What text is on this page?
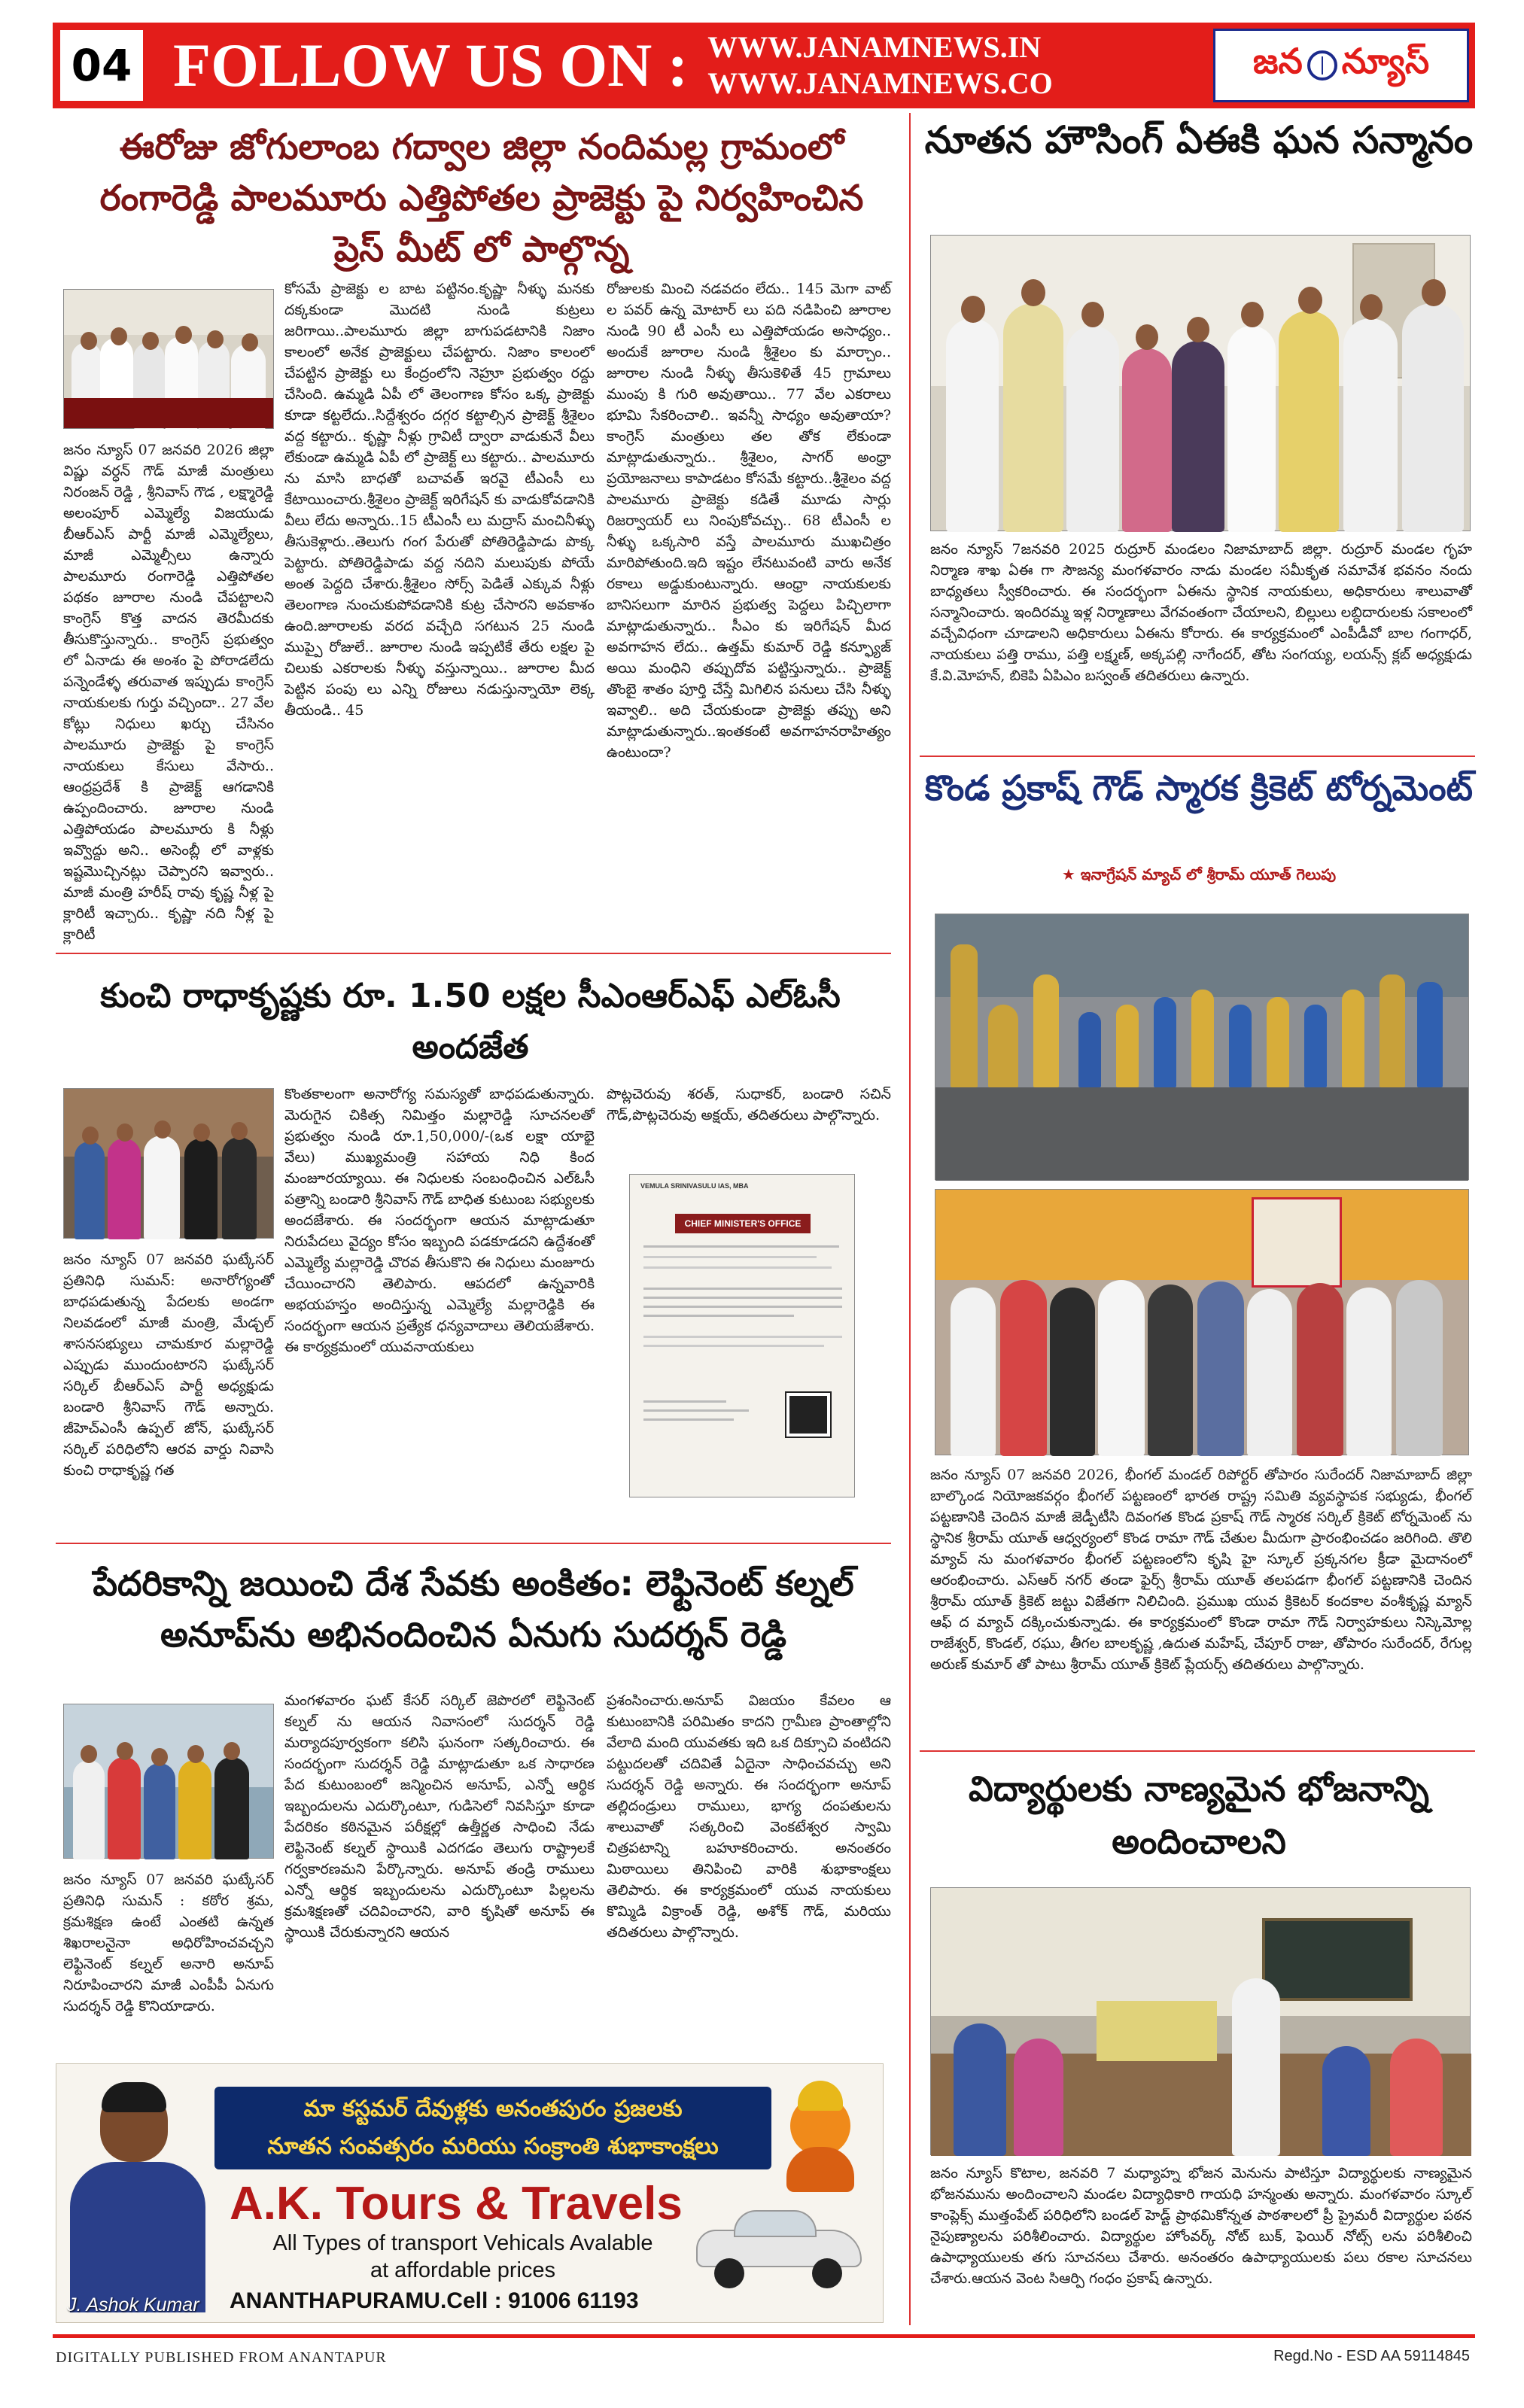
04 FOLLOW US ON : WWW.JANAMNEWS.IN
WWW.JANAMNEWS.CO
జన న్యూస్
ఈరోజు జోగులాంబ గద్వాల జిల్లా నందిమల్ల గ్రామంలో రంగారెడ్డి పాలమూరు ఎత్తిపోతల ప్రాజెక్టు పై నిర్వహించిన ప్రెస్ మీట్ లో పాల్గొన్న
జనం న్యూస్ 07 జనవరి 2026 జిల్లా విష్ణు వర్ధన్ గౌడ్ మాజీ మంత్రులు నిరంజన్ రెడ్డి , శ్రీనివాస్ గౌడ , లక్ష్మారెడ్డి అలంపూర్ ఎమ్మెల్యే విజయుడు బీఆర్ఎస్ పార్టీ మాజీ ఎమ్మెల్యేలు, మాజీ ఎమ్మెల్సీలు ఉన్నారు పాలమూరు రంగారెడ్డి ఎత్తిపోతల పథకం జూరాల నుండి చేపట్టాలని కాంగ్రెస్ కొత్త వాదన తెరమీదకు తీసుకొస్తున్నారు.. కాంగ్రెస్ ప్రభుత్వం లో ఏనాడు ఈ అంశం పై పోరాడలేదు పన్నెండేళ్ళ తరువాత ఇప్పుడు కాంగ్రెస్ నాయకులకు గుర్తు వచ్చిందా.. 27 వేల కోట్లు నిధులు ఖర్చు చేసినం పాలమూరు ప్రాజెక్టు పై కాంగ్రెస్ నాయకులు కేసులు వేసారు.. ఆంధ్రప్రదేశ్ కి ప్రాజెక్ట్ ఆగడానికి ఉప్పందించారు. జూరాల నుండి ఎత్తిపోయడం పాలమూరు కి నీళ్లు ఇవ్వొద్దు అని.. అసెంబ్లీ లో వాళ్లకు ఇష్టమొచ్చినట్లు చెప్పారని ఇవ్వారు.. మాజీ మంత్రి హరీష్ రావు కృష్ణ నీళ్ల పై క్లారిటీ ఇచ్చారు.. కృష్ణా నది నీళ్ల పై క్లారిటీ
కోసమే ప్రాజెక్టు ల బాట పట్టినం.కృష్ణా నీళ్ళు మనకు దక్కకుండా మొదటి నుండి కుట్రలు జరిగాయి..పాలమూరు జిల్లా బాగుపడటానికి నిజాం కాలంలో అనేక ప్రాజెక్టులు చేపట్టారు. నిజాం కాలంలో చేపట్టిన ప్రాజెక్టు లు కేంద్రంలోని నెహ్రూ ప్రభుత్వం రద్దు చేసింది. ఉమ్మడి ఏపీ లో తెలంగాణ కోసం ఒక్క ప్రాజెక్టు కూడా కట్టలేదు..సిద్దేశ్వరం దగ్గర కట్టాల్సిన ప్రాజెక్ట్ శ్రీశైలం వద్ద కట్టారు.. కృష్ణా నీళ్లు గ్రావిటీ ద్వారా వాడుకునే వీలు లేకుండా ఉమ్మడి ఏపీ లో ప్రాజెక్ట్ లు కట్టారు.. పాలమూరు ను మాసి బాధతో బచావత్ ఇరవై టీఎంసీ లు కేటాయించారు.శ్రీశైలం ప్రాజెక్ట్ ఇరిగేషన్ కు వాడుకోవడానికి వీలు లేదు అన్నారు..15 టీఎంసీ లు మద్రాస్ మంచినీళ్ళు తీసుకెళ్లారు..తెలుగు గంగ పేరుతో పోతిరెడ్డిపాడు పొక్క పెట్టారు. పోతిరెడ్డిపాడు వద్ద నదిని మలుపుకు పోయే అంత పెద్దది చేశారు.శ్రీశైలం సోర్స్ పెడితే ఎక్కువ నీళ్లు తెలంగాణ నుంచుకుపోవడానికి కుట్ర చేసారని అవకాశం ఉంది.జూరాలకు వరద వచ్చేది సగటున 25 నుండి ముప్పై రోజులే.. జూరాల నుండి ఇప్పటికే తేరు లక్షల పై చిలుకు ఎకరాలకు నీళ్ళు వస్తున్నాయి.. జూరాల మీద పెట్టిన పంపు లు ఎన్ని రోజులు నడుస్తున్నాయో లెక్క తీయండి.. 45
రోజులకు మించి నడవదం లేదు.. 145 మెగా వాట్ ల పవర్ ఉన్న మోటార్ లు పది నడిపించి జూరాల నుండి 90 టీ ఎంసీ లు ఎత్తిపోయడం అసాధ్యం.. అందుకే జూరాల నుండి శ్రీశైలం కు మార్చాం.. జూరాల నుండి నీళ్ళు తీసుకెళితే 45 గ్రామాలు ముంపు కి గురి అవుతాయి.. 77 వేల ఎకరాలు భూమి సేకరించాలి.. ఇవన్నీ సాధ్యం అవుతాయా?కాంగ్రెస్ మంత్రులు తల తోక లేకుండా మాట్లాడుతున్నారు.. శ్రీశైలం, సాగర్ అంధ్రా ప్రయోజనాలు కాపాడటం కోసమే కట్టారు..శ్రీశైలం వద్ద పాలమూరు ప్రాజెక్టు కడితే మూడు సార్లు రిజర్వాయర్ లు నింపుకోవచ్చు.. 68 టీఎంసీ ల నీళ్ళు ఒక్కసారి వస్తే పాలమూరు ముఖచిత్రం మారిపోతుంది.ఇది ఇష్టం లేనటువంటి వారు అనేక రకాలు అడ్డుకుంటున్నారు. ఆంధ్రా నాయకులకు బానిసలుగా మారిన ప్రభుత్వ పెద్దలు పిచ్చిలాగా మాట్లాడుతున్నారు.. సీఎం కు ఇరిగేషన్ మీద అవగాహన లేదు.. ఉత్తమ్ కుమార్ రెడ్డి కన్ఫ్యూజ్ అయి మంధిని తప్పుదోవ పట్టిస్తున్నారు.. ప్రాజెక్ట్ తొంబై శాతం పూర్తి చేస్తే మిగిలిన పనులు చేసి నీళ్ళు ఇవ్వాలి.. అది చేయకుండా ప్రాజెక్టు తప్పు అని మాట్లాడుతున్నారు..ఇంతకంటే అవగాహనరాహిత్యం ఉంటుందా?
కుంచి రాధాకృష్ణకు రూ. 1.50 లక్షల సీఎంఆర్ఎఫ్ ఎల్ఓసీ అందజేత
జనం న్యూస్ 07 జనవరి ఘట్కేసర్ ప్రతినిధి సుమన్: అనారోగ్యంతో బాధపడుతున్న పేదలకు అండగా నిలవడంలో మాజీ మంత్రి, మేడ్చల్ శాసనసభ్యులు చామకూర మల్లారెడ్డి ఎప్పుడు ముందుంటారని ఘట్కేసర్ సర్కిల్ బీఆర్ఎస్ పార్టీ అధ్యక్షుడు బండారి శ్రీనివాస్ గౌడ్ అన్నారు. జీహెచ్ఎంసీ ఉప్పల్ జోన్, ఘట్కేసర్ సర్కిల్ పరిధిలోని ఆరవ వార్డు నివాసి కుంచి రాధాకృష్ణ గత
కొంతకాలంగా అనారోగ్య సమస్యతో బాధపడుతున్నారు. మెరుగైన చికిత్స నిమిత్తం మల్లారెడ్డి సూచనలతో ప్రభుత్వం నుండి రూ.1,50,000/-(ఒక లక్షా యాభై వేలు) ముఖ్యమంత్రి సహాయ నిధి కింద మంజూరయ్యాయి. ఈ నిధులకు సంబంధించిన ఎల్ఓసీ పత్రాన్ని బండారి శ్రీనివాస్ గౌడ్ బాధిత కుటుంబ సభ్యులకు అందజేశారు. ఈ సందర్భంగా ఆయన మాట్లాడుతూ నిరుపేదలు వైద్యం కోసం ఇబ్బంది పడకూడదని ఉద్దేశంతో ఎమ్మెల్యే మల్లారెడ్డి చొరవ తీసుకొని ఈ నిధులు మంజూరు చేయించారని తెలిపారు. ఆపదలో ఉన్నవారికి అభయహస్తం అందిస్తున్న ఎమ్మెల్యే మల్లారెడ్డికి ఈ సందర్భంగా ఆయన ప్రత్యేక ధన్యవాదాలు తెలియజేశారు. ఈ కార్యక్రమంలో యువనాయకులు
పొట్లచెరువు శరత్, సుధాకర్, బండారి సచిన్ గౌడ్,పొట్లచెరువు అక్షయ్, తదితరులు పాల్గొన్నారు.
VEMULA SRINIVASULU IAS, MBA
CHIEF MINISTER'S OFFICE
పేదరికాన్ని జయించి దేశ సేవకు అంకితం: లెఫ్టినెంట్ కల్నల్ అనూప్‌ను అభినందించిన ఏనుగు సుదర్శన్ రెడ్డి
జనం న్యూస్ 07 జనవరి ఘట్కేసర్ ప్రతినిధి సుమన్ : కఠోర శ్రమ, క్రమశిక్షణ ఉంటే ఎంతటి ఉన్నత శిఖరాలనైనా అధిరోహించవచ్చని లెఫ్టినెంట్ కల్నల్ అనారి అనూప్ నిరూపించారని మాజీ ఎంపీపీ ఏనుగు సుదర్శన్ రెడ్డి కొనియాడారు.
మంగళవారం ఘట్ కేసర్ సర్కిల్ జెపొరలో లెఫ్టినెంట్ కల్నల్ ను ఆయన నివాసంలో సుదర్శన్ రెడ్డి మర్యాదపూర్వకంగా కలిసి ఘనంగా సత్కరించారు. ఈ సందర్భంగా సుదర్శన్ రెడ్డి మాట్లాడుతూ ఒక సాధారణ పేద కుటుంబంలో జన్మించిన అనూప్, ఎన్నో ఆర్థిక ఇబ్బందులను ఎదుర్కొంటూ, గుడిసెలో నివసిస్తూ కూడా పేదరికం కఠినమైన పరీక్షల్లో ఉత్తీర్ణత సాధించి నేడు లెఫ్టినెంట్ కల్నల్ స్థాయికి ఎదగడం తెలుగు రాష్ట్రాలకే గర్వకారణమని పేర్కొన్నారు. అనూప్ తండ్రి రాములు ఎన్నో ఆర్థిక ఇబ్బందులను ఎదుర్కొంటూ పిల్లలను క్రమశిక్షణతో చదివించారని, వారి కృషితో అనూప్ ఈ స్థాయికి చేరుకున్నారని ఆయన
ప్రశంసించారు.అనూప్ విజయం కేవలం ఆ కుటుంబానికి పరిమితం కాదని గ్రామీణ ప్రాంతాల్లోని వేలాది మంది యువతకు ఇది ఒక దిక్సూచి వంటిదని పట్టుదలతో చదివితే ఏదైనా సాధించవచ్చు అని సుదర్శన్ రెడ్డి అన్నారు. ఈ సందర్భంగా అనూప్ తల్లిదండ్రులు రాములు, భాగ్య దంపతులను శాలువాతో సత్కరించి వెంకటేశ్వర స్వామి చిత్రపటాన్ని బహూకరించారు. అనంతరం మిఠాయిలు తినిపించి వారికి శుభాకాంక్షలు తెలిపారు. ఈ కార్యక్రమంలో యువ నాయకులు కొమ్మిడి విక్రాంత్ రెడ్డి, అశోక్ గౌడ్, మరియు తదితరులు పాల్గొన్నారు.
J. Ashok Kumar
మా కస్టమర్ దేవుళ్లకు అనంతపురం ప్రజలకు
నూతన సంవత్సరం మరియు సంక్రాంతి శుభాకాంక్షలు
A.K. Tours & Travels
All Types of transport Vehicals Avalable
at affordable prices
ANANTHAPURAMU.Cell : 91006 61193
నూతన హౌసింగ్ ఏఈకి ఘన సన్మానం
జనం న్యూస్ 7జనవరి 2025 రుద్రూర్ మండలం నిజామాబాద్ జిల్లా. రుద్రూర్ మండల గృహ నిర్మాణ శాఖ ఏఈ గా సౌజన్య మంగళవారం నాడు మండల సమీకృత సమావేశ భవనం నందు బాధ్యతలు స్వీకరించారు. ఈ సందర్భంగా ఏఈను స్థానిక నాయకులు, అధికారులు శాలువాతో సన్మానించారు. ఇందిరమ్మ ఇళ్ల నిర్మాణాలు వేగవంతంగా చేయాలని, బిల్లులు లబ్ధిదారులకు సకాలంలో వచ్చేవిధంగా చూడాలని అధికారులు ఏఈను కోరారు. ఈ కార్యక్రమంలో ఎంపీడీవో బాల గంగాధర్, నాయకులు పత్తి రాము, పత్తి లక్ష్మణ్, అక్కపల్లి నాగేందర్, తోట సంగయ్య, లయన్స్ క్లబ్ అధ్యక్షుడు కే.వి.మోహన్, బికెపి ఏపిఎం బస్వంత్ తదితరులు ఉన్నారు.
కొండ ప్రకాష్ గౌడ్ స్మారక క్రికెట్ టోర్నమెంట్
★ ఇనాగ్రేషన్ మ్యాచ్ లో శ్రీరామ్ యూత్ గెలుపు
జనం న్యూస్ 07 జనవరి 2026, భీంగల్ మండల్ రిపోర్టర్ తోపారం సురేందర్ నిజామాబాద్ జిల్లా బాల్కొండ నియోజకవర్గం భీంగల్ పట్టణంలో భారత రాష్ట్ర సమితి వ్యవస్థాపక సభ్యుడు, భీంగల్ పట్టణానికి చెందిన మాజీ జెడ్పీటీసి దివంగత కొండ ప్రకాష్ గౌడ్ స్మారక సర్కిల్ క్రికెట్ టోర్నమెంట్ ను స్థానిక శ్రీరామ్ యూత్ ఆధ్వర్యంలో కొండ రామా గౌడ్ చేతుల మీదుగా ప్రారంభించడం జరిగింది. తొలి మ్యాచ్ ను మంగళవారం భీంగల్ పట్టణంలోని కృషి హై స్కూల్ ప్రక్కనగల క్రీడా మైదానంలో ఆరంభించారు. ఎస్ఆర్ నగర్ తండా ఫైర్స్ శ్రీరామ్ యూత్ తలపడగా భీంగల్ పట్టణానికి చెందిన శ్రీరామ్ యూత్ క్రికెట్ జట్టు విజేతగా నిలిచింది. ప్రముఖ యువ క్రికెటర్ కందకాల వంశీకృష్ణ మ్యాన్ ఆఫ్ ద మ్యాచ్ దక్కించుకున్నాడు. ఈ కార్యక్రమంలో కొండా రామా గౌడ్ నిర్వాహకులు నిస్కెమోల్ల రాజేశ్వర్, కొండల్, రఘు, తీగల బాలకృష్ణ ,ఉదుత మహేష్, చేపూర్ రాజు, తోపారం సురేందర్, రేగుల్ల అరుణ్ కుమార్ తో పాటు శ్రీరామ్ యూత్ క్రికెట్ ప్లేయర్స్ తదితరులు పాల్గొన్నారు.
విద్యార్థులకు నాణ్యమైన భోజనాన్ని అందించాలని
జనం న్యూస్ కొటాల, జనవరి 7 మధ్యాహ్న భోజన మెనును పాటిస్తూ విద్యార్థులకు నాణ్యమైన భోజనమును అందించాలని మండల విద్యాధికారి గాయధి హన్మంతు అన్నారు. మంగళవారం స్కూల్ కాంప్లెక్స్ ముత్తంపేట్ పరిధిలోని బండల్ హెడ్ట్ ప్రాథమికోన్నత పాఠశాలలో ప్రీ ప్రైమరీ విద్యార్థుల పఠన నైపుణ్యాలను పరిశీలించారు. విద్యార్థుల హోంవర్క్ నోట్ బుక్, ఫెయిర్ నోట్స్ లను పరిశీలించి ఉపాధ్యాయులకు తగు సూచనలు చేశారు. అనంతరం ఉపాధ్యాయులకు పలు రకాల సూచనలు చేశారు.ఆయన వెంట సిఆర్పి గంధం ప్రకాష్ ఉన్నారు.
DIGITALLY PUBLISHED FROM ANANTAPUR	Regd.No - ESD AA 59114845
